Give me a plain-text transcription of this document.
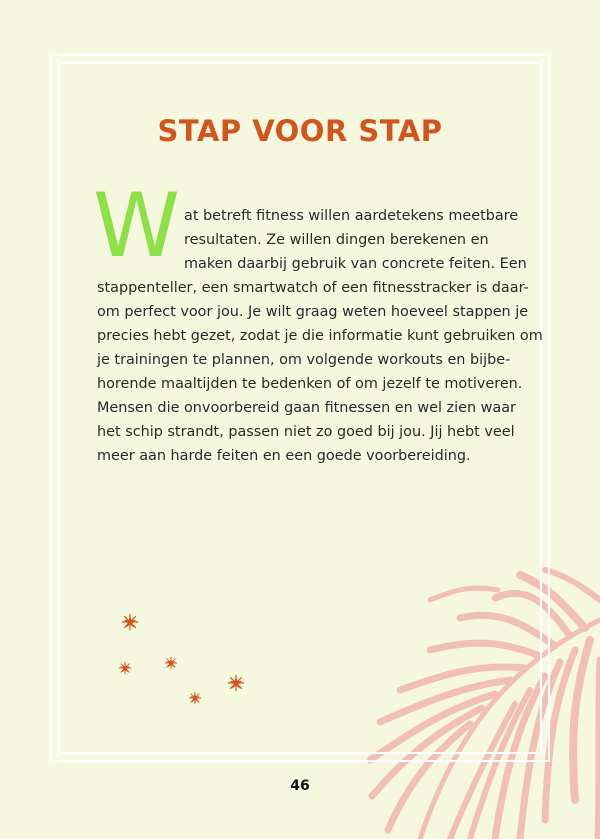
STAP VOOR STAP
W at betreft fitness willen aardetekens meetbare
resultaten. Ze willen dingen berekenen en
maken daarbij gebruik van concrete feiten. Een
stappenteller, een smartwatch of een fitnesstracker is daar-
om perfect voor jou. Je wilt graag weten hoeveel stappen je
precies hebt gezet, zodat je die informatie kunt gebruiken om
je trainingen te plannen, om volgende workouts en bijbe-
horende maaltijden te bedenken of om jezelf te motiveren.
Mensen die onvoorbereid gaan fitnessen en wel zien waar
het schip strandt, passen niet zo goed bij jou. Jij hebt veel
meer aan harde feiten en een goede voorbereiding.
46
